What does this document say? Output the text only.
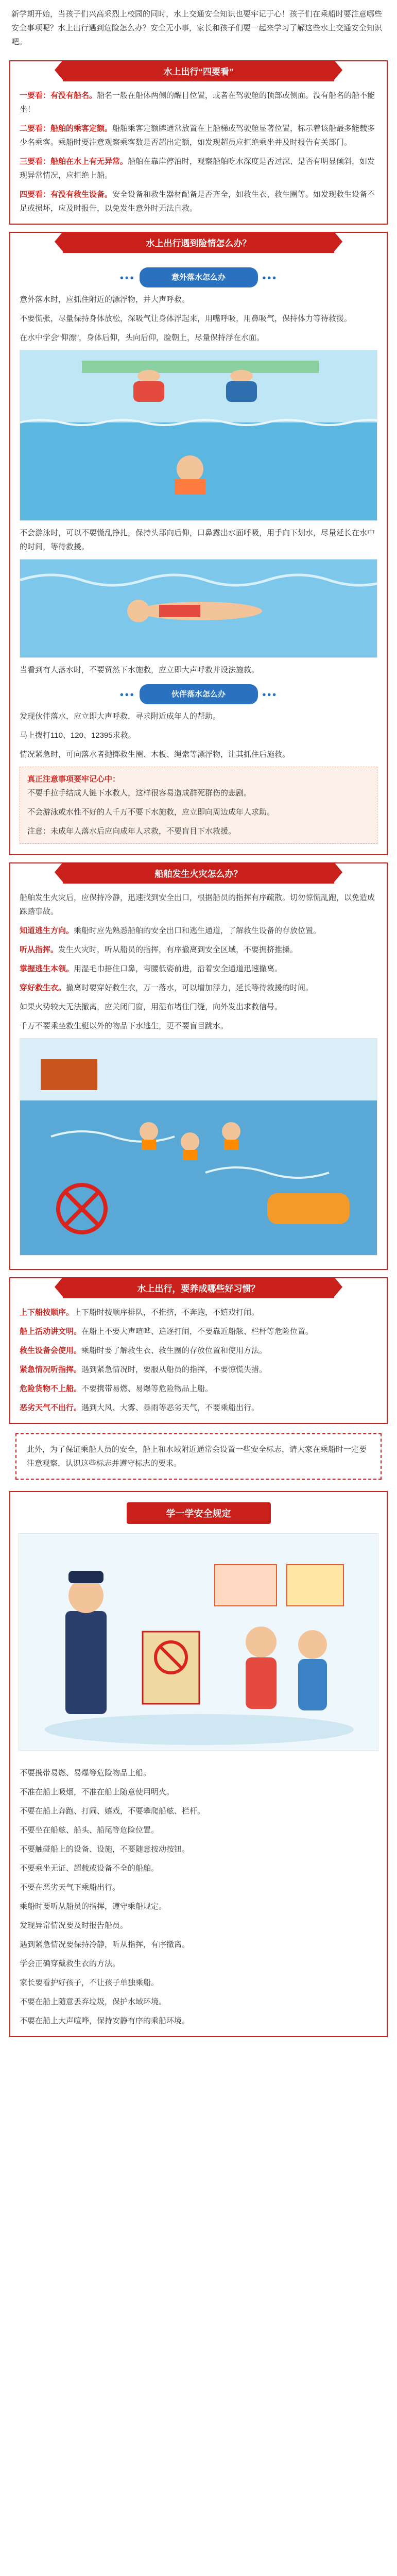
新学期开始，当孩子们兴高采烈上校园的同时，水上交通安全知识也要牢记于心！孩子们在乘船时要注意哪些安全事项呢？水上出行遇到危险怎么办？安全无小事，家长和孩子们要一起来学习了解这些水上交通安全知识吧。

水上出行“四要看”

一要看：有没有船名。船名一般在船体两侧的醒目位置，或者在驾驶舱的顶部或侧面。没有船名的船不能坐！

二要看：船舶的乘客定额。船舶乘客定额牌通常放置在上船梯或驾驶舱显著位置，标示着该船最多能载多少名乘客。乘船时要注意观察乘客数是否超出定额，如发现超员应拒绝乘坐并及时报告有关部门。

三要看：船舶在水上有无异常。船舶在靠岸停泊时，观察船舶吃水深度是否过深、是否有明显倾斜，如发现异常情况，应拒绝上船。

四要看：有没有救生设备。安全设备和救生器材配备是否齐全，如救生衣、救生圈等。如发现救生设备不足或损坏，应及时报告，以免发生意外时无法自救。

水上出行遇到险情怎么办？
●●●	意外落水怎么办	●●●

意外落水时，应抓住附近的漂浮物，并大声呼救。

不要慌张，尽量保持身体放松，深吸气让身体浮起来，用嘴呼吸，用鼻吸气，保持体力等待救援。

在水中学会“仰漂”，身体后仰，头向后仰，脸朝上，尽量保持浮在水面。

不会游泳时，可以不要慌乱挣扎，保持头部向后仰，口鼻露出水面呼吸，用手向下划水，尽量延长在水中的时间，等待救援。

当看到有人落水时，不要贸然下水施救，应立即大声呼救并设法施救。

●●●	伙伴落水怎么办	●●●

发现伙伴落水，应立即大声呼救，寻求附近成年人的帮助。

马上拨打110、120、12395求救。

情况紧急时，可向落水者抛掷救生圈、木板、绳索等漂浮物，让其抓住后施救。

真正注意事项要牢记心中：

不要手拉手结成人链下水救人，这样很容易造成群死群伤的悲剧。

不会游泳或水性不好的人千万不要下水施救，应立即向周边成年人求助。

注意：未成年人落水后应向成年人求救，不要盲目下水救援。

船舶发生火灾怎么办？

船舶发生火灾后，应保持冷静，迅速找到安全出口，根据船员的指挥有序疏散。切勿惊慌乱跑，以免造成踩踏事故。

知道逃生方向。乘船时应先熟悉船舶的安全出口和逃生通道，了解救生设备的存放位置。

听从指挥。发生火灾时，听从船员的指挥，有序撤离到安全区域，不要拥挤推搡。

掌握逃生本领。用湿毛巾捂住口鼻，弯腰低姿前进，沿着安全通道迅速撤离。

穿好救生衣。撤离时要穿好救生衣，万一落水，可以增加浮力，延长等待救援的时间。

如果火势较大无法撤离，应关闭门窗，用湿布堵住门缝，向外发出求救信号。

千万不要乘坐救生艇以外的物品下水逃生，更不要盲目跳水。

水上出行，要养成哪些好习惯？

上下船按顺序。上下船时按顺序排队，不推挤，不奔跑，不嬉戏打闹。

船上活动讲文明。在船上不要大声喧哗、追逐打闹，不要靠近船舷、栏杆等危险位置。

救生设备会使用。乘船时要了解救生衣、救生圈的存放位置和使用方法。

紧急情况听指挥。遇到紧急情况时，要服从船员的指挥，不要惊慌失措。

危险货物不上船。不要携带易燃、易爆等危险物品上船。

恶劣天气不出行。遇到大风、大雾、暴雨等恶劣天气，不要乘船出行。

此外，为了保证乘船人员的安全，船上和水域附近通常会设置一些安全标志，请大家在乘船时一定要注意观察，认识这些标志并遵守标志的要求。
学一学安全规定

不要携带易燃、易爆等危险物品上船。

不准在船上吸烟，不准在船上随意使用明火。

不要在船上奔跑、打闹、嬉戏，不要攀爬船舷、栏杆。

不要坐在船舷、船头、船尾等危险位置。

不要触碰船上的设备、设施，不要随意按动按钮。

不要乘坐无证、超载或设备不全的船舶。

不要在恶劣天气下乘船出行。

乘船时要听从船员的指挥，遵守乘船规定。

发现异常情况要及时报告船员。

遇到紧急情况要保持冷静，听从指挥，有序撤离。

学会正确穿戴救生衣的方法。

家长要看护好孩子，不让孩子单独乘船。

不要在船上随意丢弃垃圾，保护水域环境。

不要在船上大声喧哗，保持安静有序的乘船环境。
